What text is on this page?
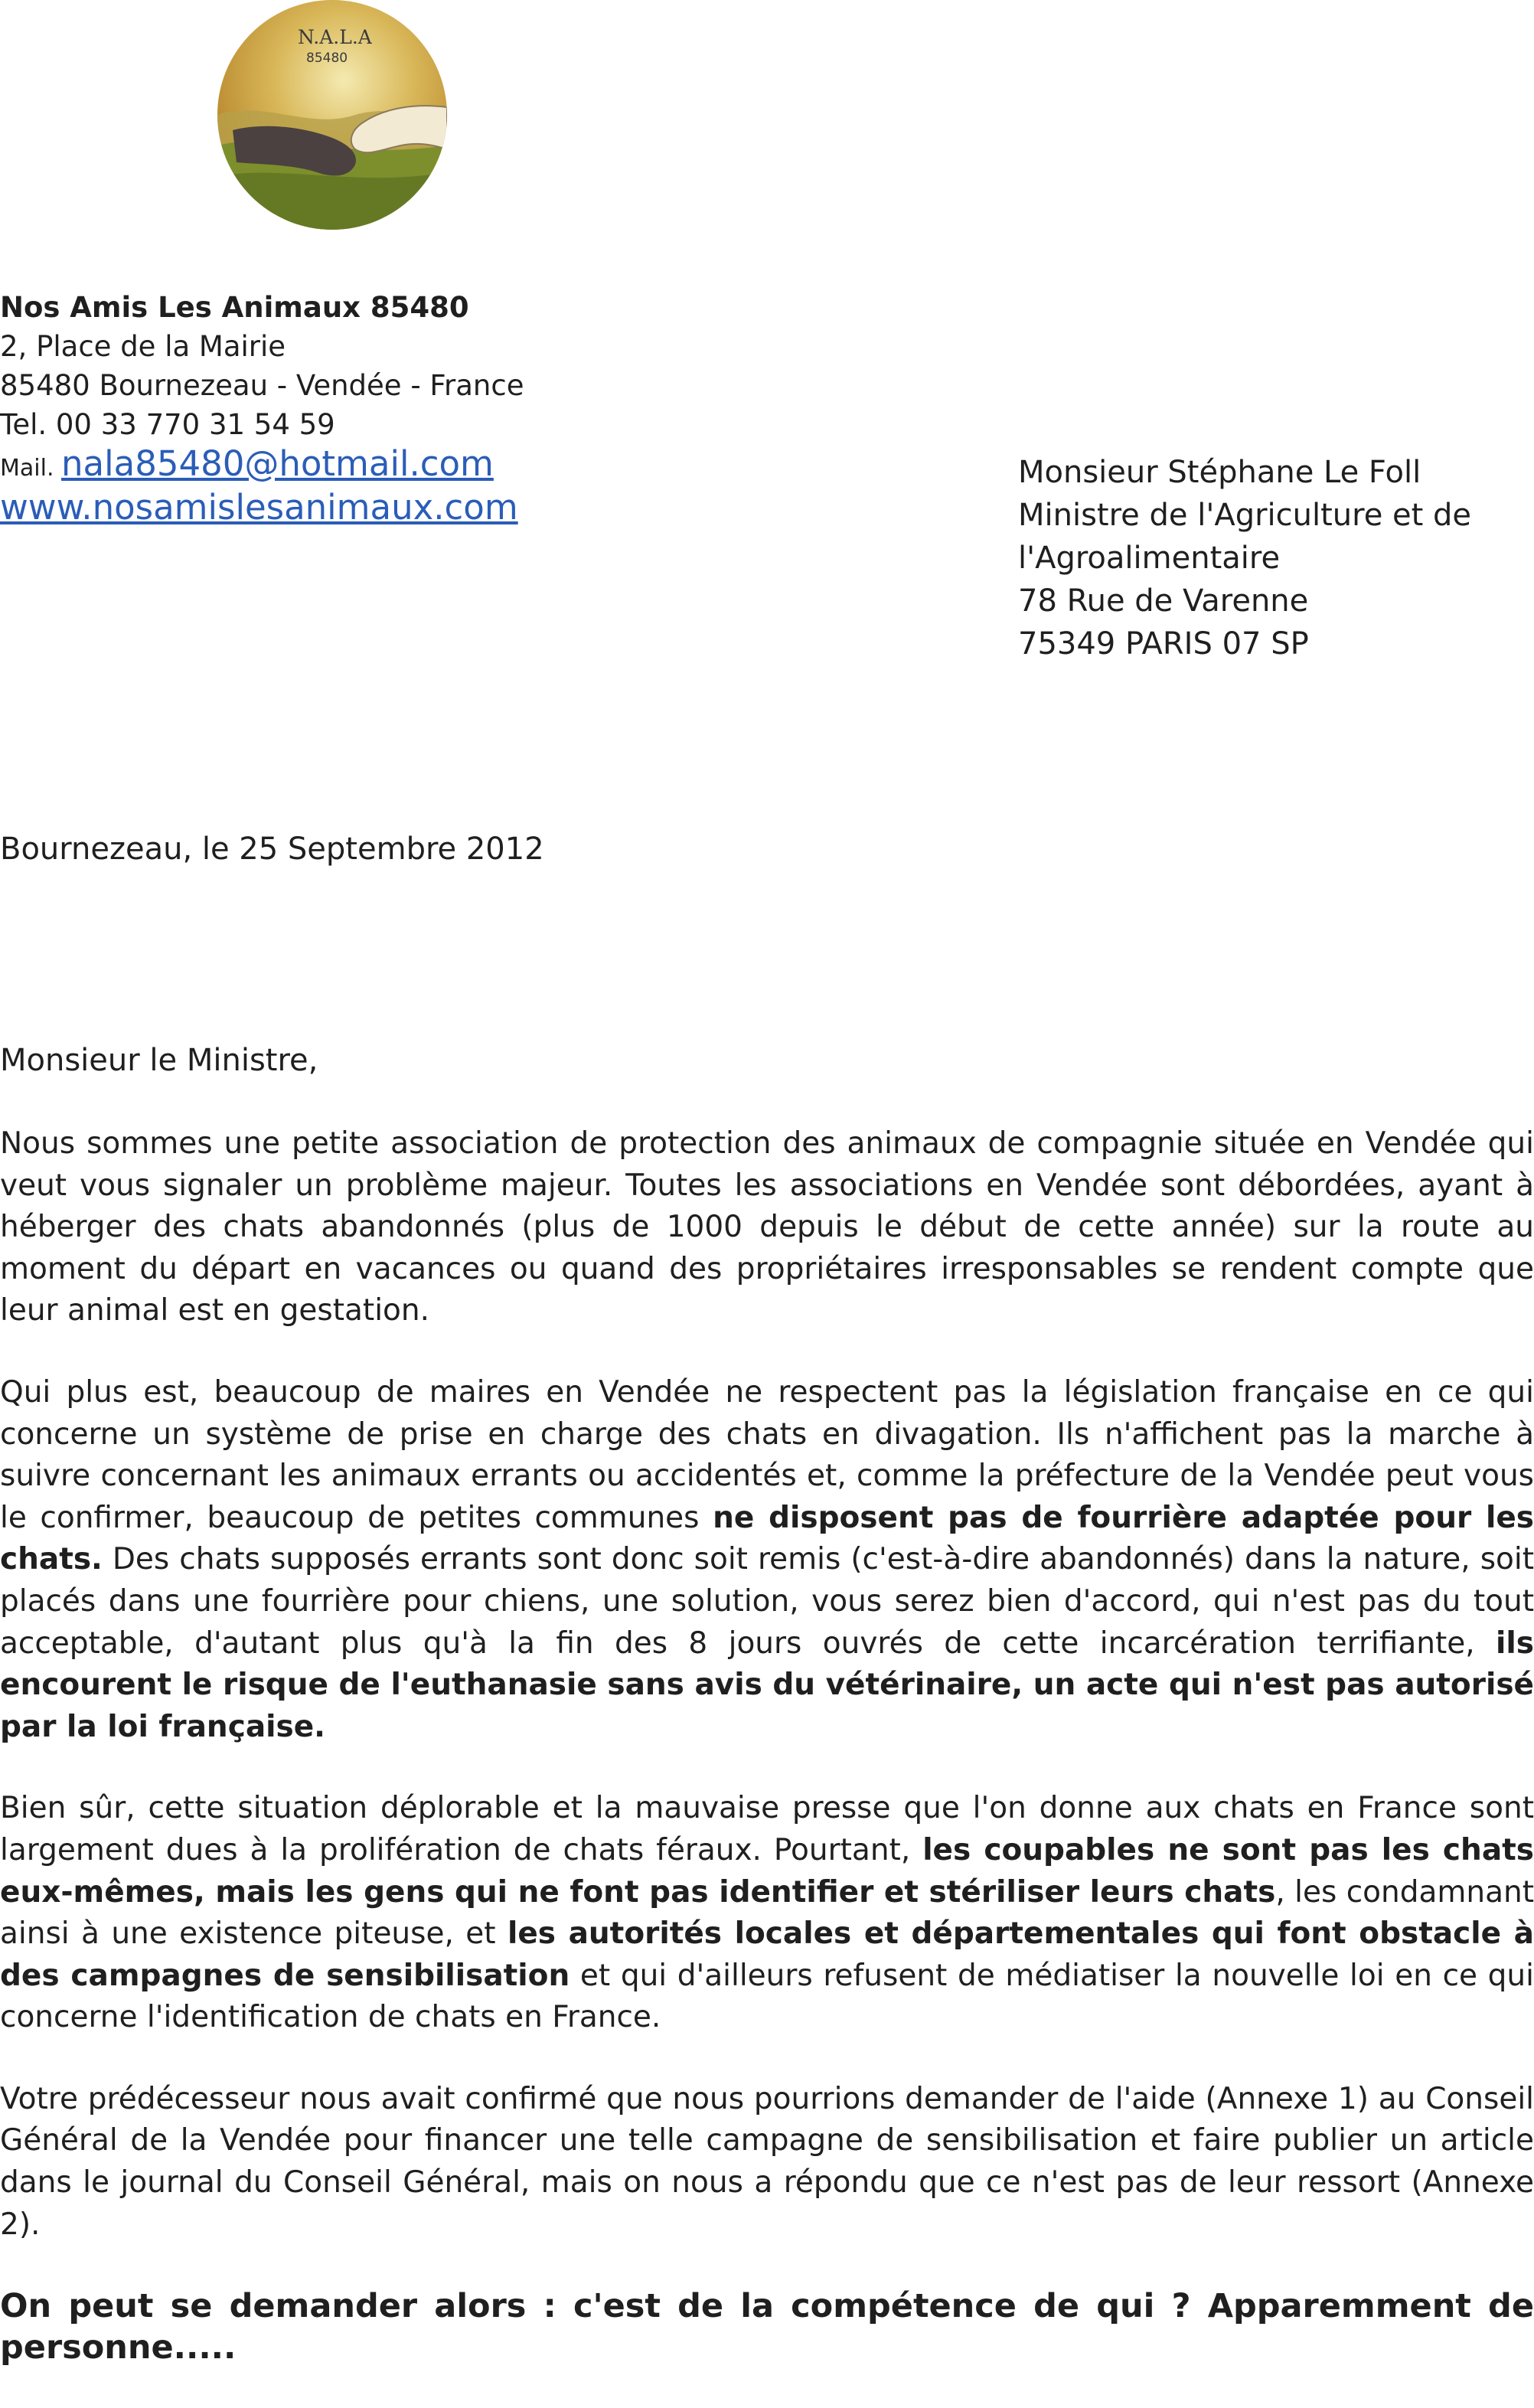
N.A.L.A
85480
Nos Amis Les Animaux 85480
2, Place de la Mairie
85480 Bournezeau - Vendée - France
Tel. 00 33 770 31 54 59
Mail. nala85480@hotmail.com
www.nosamislesanimaux.com
Monsieur Stéphane Le Foll
Ministre de l'Agriculture et de
l'Agroalimentaire
78 Rue de Varenne
75349 PARIS 07 SP
Bournezeau, le 25 Septembre 2012
Monsieur le Ministre,

Nous sommes une petite association de protection des animaux de compagnie située en Vendée qui veut vous signaler un problème majeur. Toutes les associations en Vendée sont débordées, ayant à héberger des chats abandonnés (plus de 1000 depuis le début de cette année) sur la route au moment du départ en vacances ou quand des propriétaires irresponsables se rendent compte que leur animal est en gestation.

Qui plus est, beaucoup de maires en Vendée ne respectent pas la législation française en ce qui concerne un système de prise en charge des chats en divagation. Ils n'affichent pas la marche à suivre concernant les animaux errants ou accidentés et, comme la préfecture de la Vendée peut vous le confirmer, beaucoup de petites communes ne disposent pas de fourrière adaptée pour les chats. Des chats supposés errants sont donc soit remis (c'est-à-dire abandonnés) dans la nature, soit placés dans une fourrière pour chiens, une solution, vous serez bien d'accord, qui n'est pas du tout acceptable, d'autant plus qu'à la fin des 8 jours ouvrés de cette incarcération terrifiante, ils encourent le risque de l'euthanasie sans avis du vétérinaire, un acte qui n'est pas autorisé par la loi française.

Bien sûr, cette situation déplorable et la mauvaise presse que l'on donne aux chats en France sont largement dues à la prolifération de chats féraux. Pourtant, les coupables ne sont pas les chats eux-mêmes, mais les gens qui ne font pas identifier et stériliser leurs chats, les condamnant ainsi à une existence piteuse, et les autorités locales et départementales qui font obstacle à des campagnes de sensibilisation et qui d'ailleurs refusent de médiatiser la nouvelle loi en ce qui concerne l'identification de chats en France.

Votre prédécesseur nous avait confirmé que nous pourrions demander de l'aide (Annexe 1) au Conseil Général de la Vendée pour financer une telle campagne de sensibilisation et faire publier un article dans le journal du Conseil Général, mais on nous a répondu que ce n'est pas de leur ressort (Annexe 2).

On peut se demander alors : c'est de la compétence de qui ? Apparemment de personne.....
